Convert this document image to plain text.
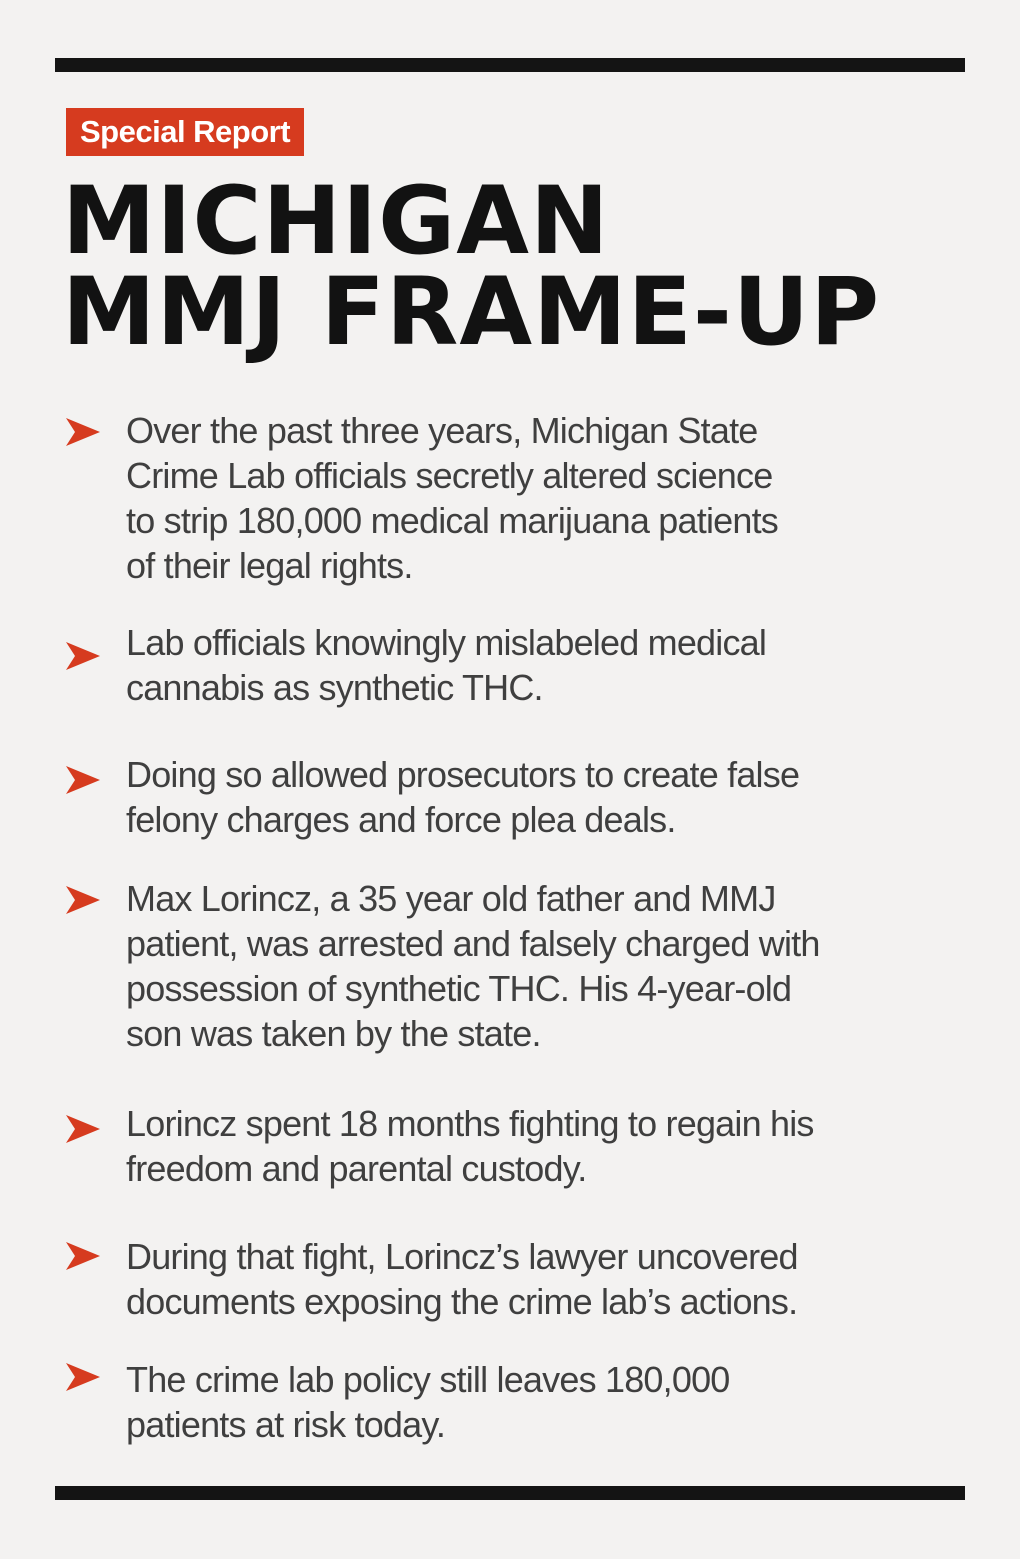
Special Report
MICHIGAN
MMJ FRAME-UP
Over the past three years, Michigan State
Crime Lab officials secretly altered science
to strip 180,000 medical marijuana patients
of their legal rights.
Lab officials knowingly mislabeled medical
cannabis as synthetic THC.
Doing so allowed prosecutors to create false
felony charges and force plea deals.
Max Lorincz, a 35 year old father and MMJ
patient, was arrested and falsely charged with
possession of synthetic THC. His 4-year-old
son was taken by the state.
Lorincz spent 18 months fighting to regain his
freedom and parental custody.
During that fight, Lorincz’s lawyer uncovered
documents exposing the crime lab’s actions.
The crime lab policy still leaves 180,000
patients at risk today.
